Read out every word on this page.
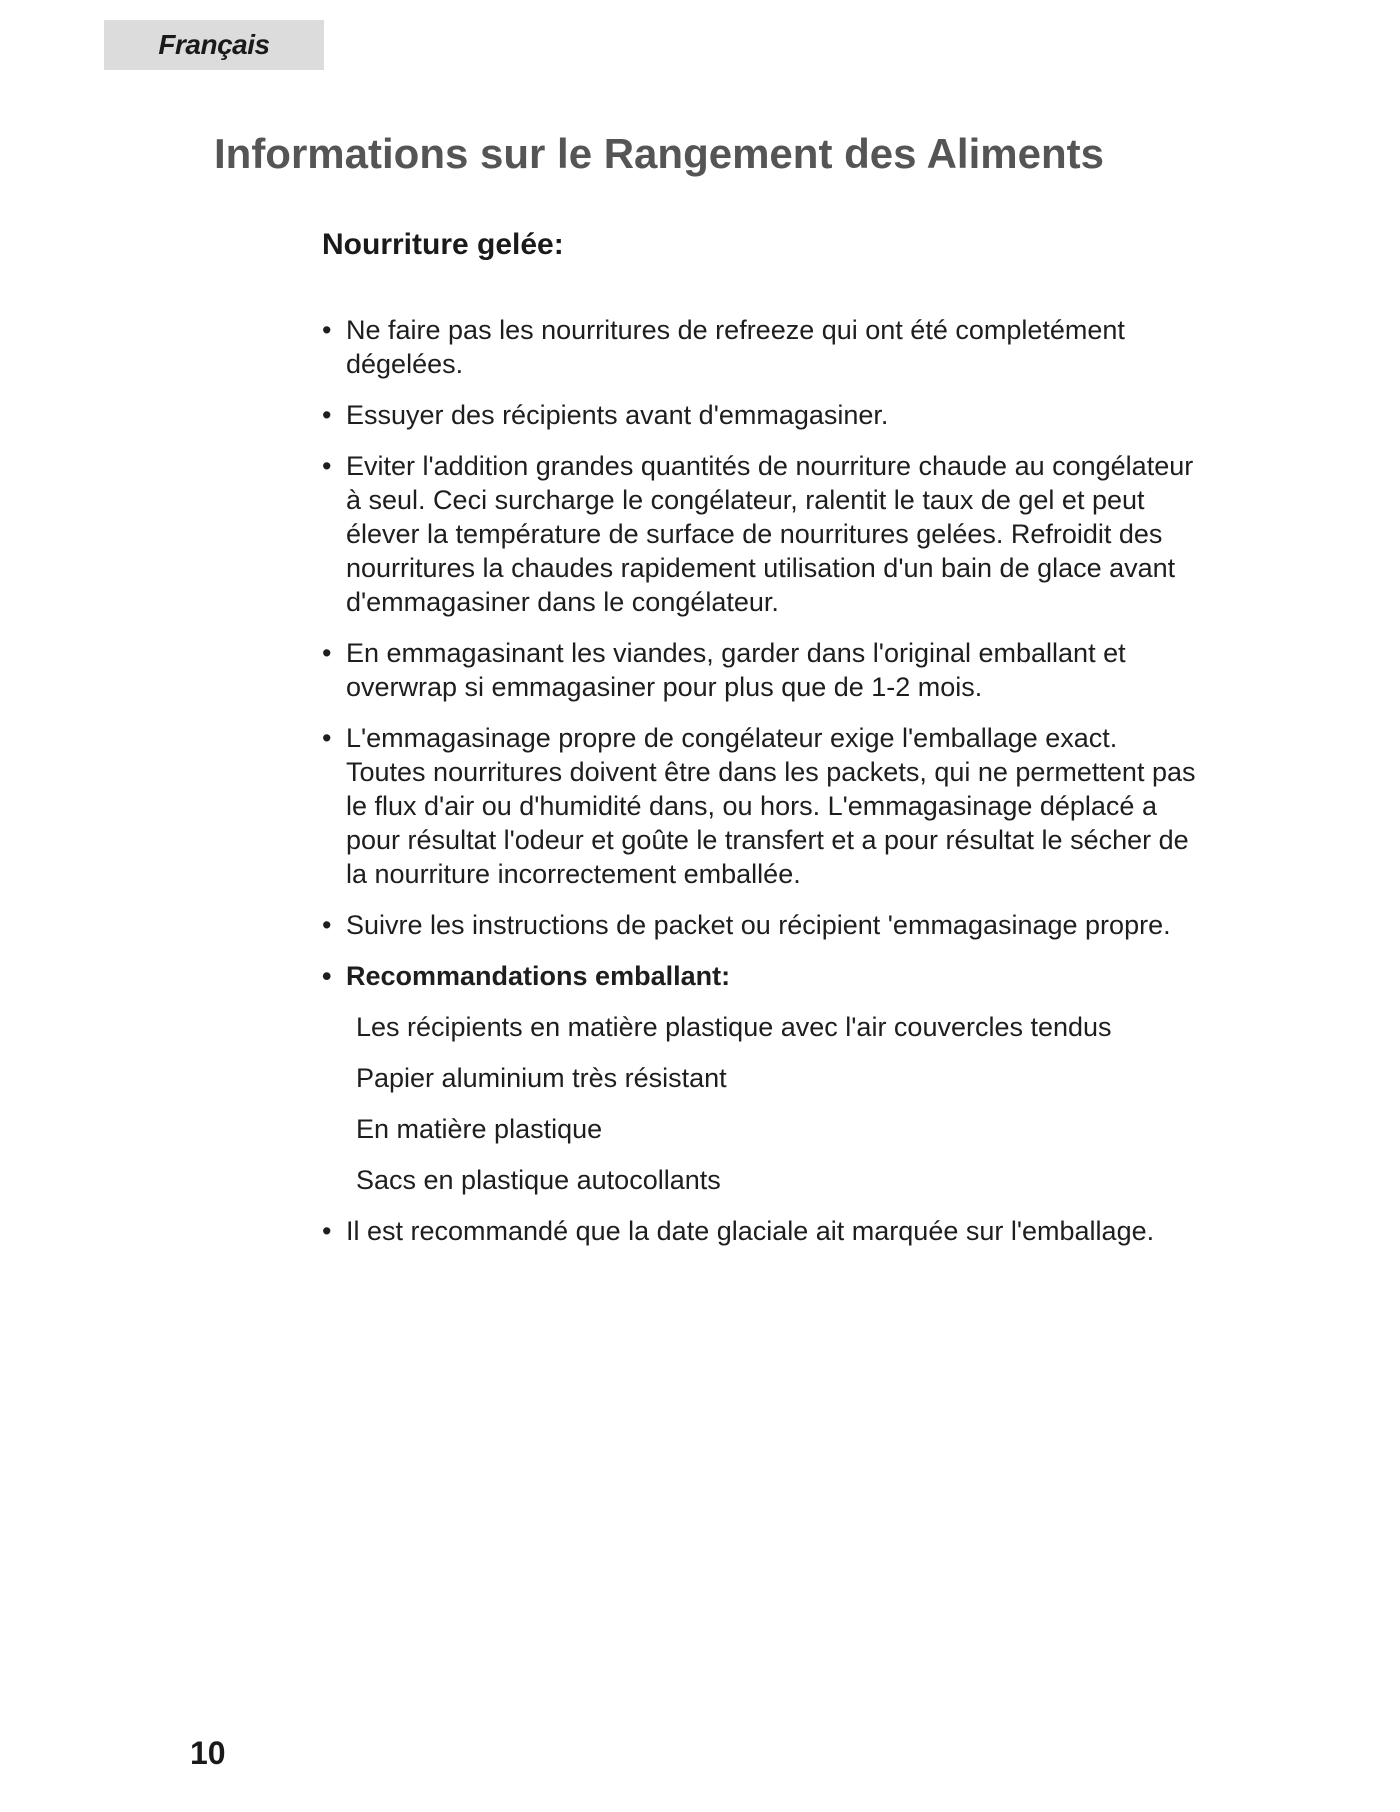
Français
Informations sur le Rangement des Aliments
Nourriture gelée:
• Ne faire pas les nourritures de refreeze qui ont été completément dégelées.
• Essuyer des récipients avant d'emmagasiner.
• Eviter l'addition grandes quantités de nourriture chaude au congélateur à seul. Ceci surcharge le congélateur, ralentit le taux de gel et peut élever la température de surface de nourritures gelées. Refroidit des nourritures la chaudes rapidement utilisation d'un bain de glace avant d'emmagasiner dans le congélateur.
• En emmagasinant les viandes, garder dans l'original emballant et overwrap si emmagasiner pour plus que de 1-2 mois.
• L'emmagasinage propre de congélateur exige l'emballage exact. Toutes nourritures doivent être dans les packets, qui ne permettent pas le flux d'air ou d'humidité dans, ou hors. L'emmagasinage déplacé a pour résultat l'odeur et goûte le transfert et a pour résultat le sécher de la nourriture incorrectement emballée.
• Suivre les instructions de packet ou récipient 'emmagasinage propre.
• Recommandations emballant:
Les récipients en matière plastique avec l'air couvercles tendus
Papier aluminium très résistant
En matière plastique
Sacs en plastique autocollants
• Il est recommandé que la date glaciale ait marquée sur l'emballage.
10
